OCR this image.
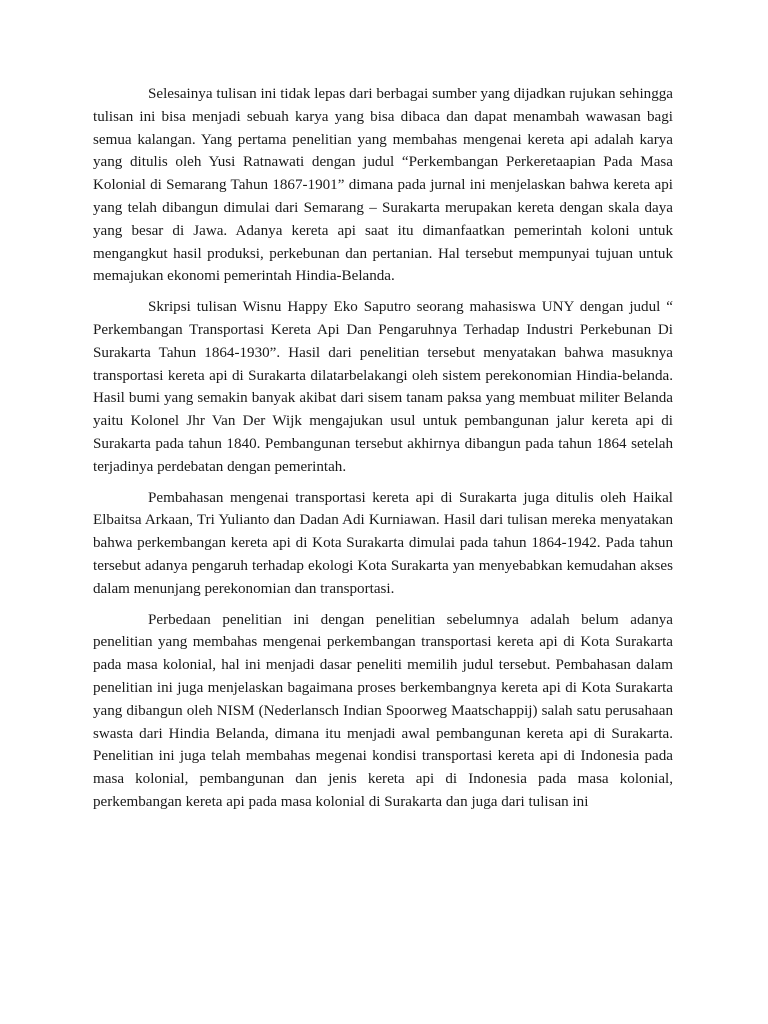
Selesainya tulisan ini tidak lepas dari berbagai sumber yang dijadkan rujukan sehingga tulisan ini bisa menjadi sebuah karya yang bisa dibaca dan dapat menambah wawasan bagi semua kalangan. Yang pertama penelitian yang membahas mengenai kereta api adalah karya yang ditulis oleh Yusi Ratnawati dengan judul “Perkembangan Perkeretaapian Pada Masa Kolonial di Semarang Tahun 1867-1901” dimana pada jurnal ini menjelaskan bahwa kereta api yang telah dibangun dimulai dari Semarang – Surakarta merupakan kereta dengan skala daya yang besar di Jawa. Adanya kereta api saat itu dimanfaatkan pemerintah koloni untuk mengangkut hasil produksi, perkebunan dan pertanian. Hal tersebut mempunyai tujuan untuk memajukan ekonomi pemerintah Hindia-Belanda.

Skripsi tulisan Wisnu Happy Eko Saputro seorang mahasiswa UNY dengan judul “ Perkembangan Transportasi Kereta Api Dan Pengaruhnya Terhadap Industri Perkebunan Di Surakarta Tahun 1864-1930”. Hasil dari penelitian tersebut menyatakan bahwa masuknya transportasi kereta api di Surakarta dilatarbelakangi oleh sistem perekonomian Hindia-belanda. Hasil bumi yang semakin banyak akibat dari sisem tanam paksa yang membuat militer Belanda yaitu Kolonel Jhr Van Der Wijk mengajukan usul untuk pembangunan jalur kereta api di Surakarta pada tahun 1840. Pembangunan tersebut akhirnya dibangun pada tahun 1864 setelah terjadinya perdebatan dengan pemerintah.

Pembahasan mengenai transportasi kereta api di Surakarta juga ditulis oleh Haikal Elbaitsa Arkaan, Tri Yulianto dan Dadan Adi Kurniawan. Hasil dari tulisan mereka menyatakan bahwa perkembangan kereta api di Kota Surakarta dimulai pada tahun 1864-1942. Pada tahun tersebut adanya pengaruh terhadap ekologi Kota Surakarta yan menyebabkan kemudahan akses dalam menunjang perekonomian dan transportasi.

Perbedaan penelitian ini dengan penelitian sebelumnya adalah belum adanya penelitian yang membahas mengenai perkembangan transportasi kereta api di Kota Surakarta pada masa kolonial, hal ini menjadi dasar peneliti memilih judul tersebut. Pembahasan dalam penelitian ini juga menjelaskan bagaimana proses berkembangnya kereta api di Kota Surakarta yang dibangun oleh NISM (Nederlansch Indian Spoorweg Maatschappij) salah satu perusahaan swasta dari Hindia Belanda, dimana itu menjadi awal pembangunan kereta api di Surakarta. Penelitian ini juga telah membahas megenai kondisi transportasi kereta api di Indonesia pada masa kolonial, pembangunan dan jenis kereta api di Indonesia pada masa kolonial, perkembangan kereta api pada masa kolonial di Surakarta dan juga dari tulisan ini
